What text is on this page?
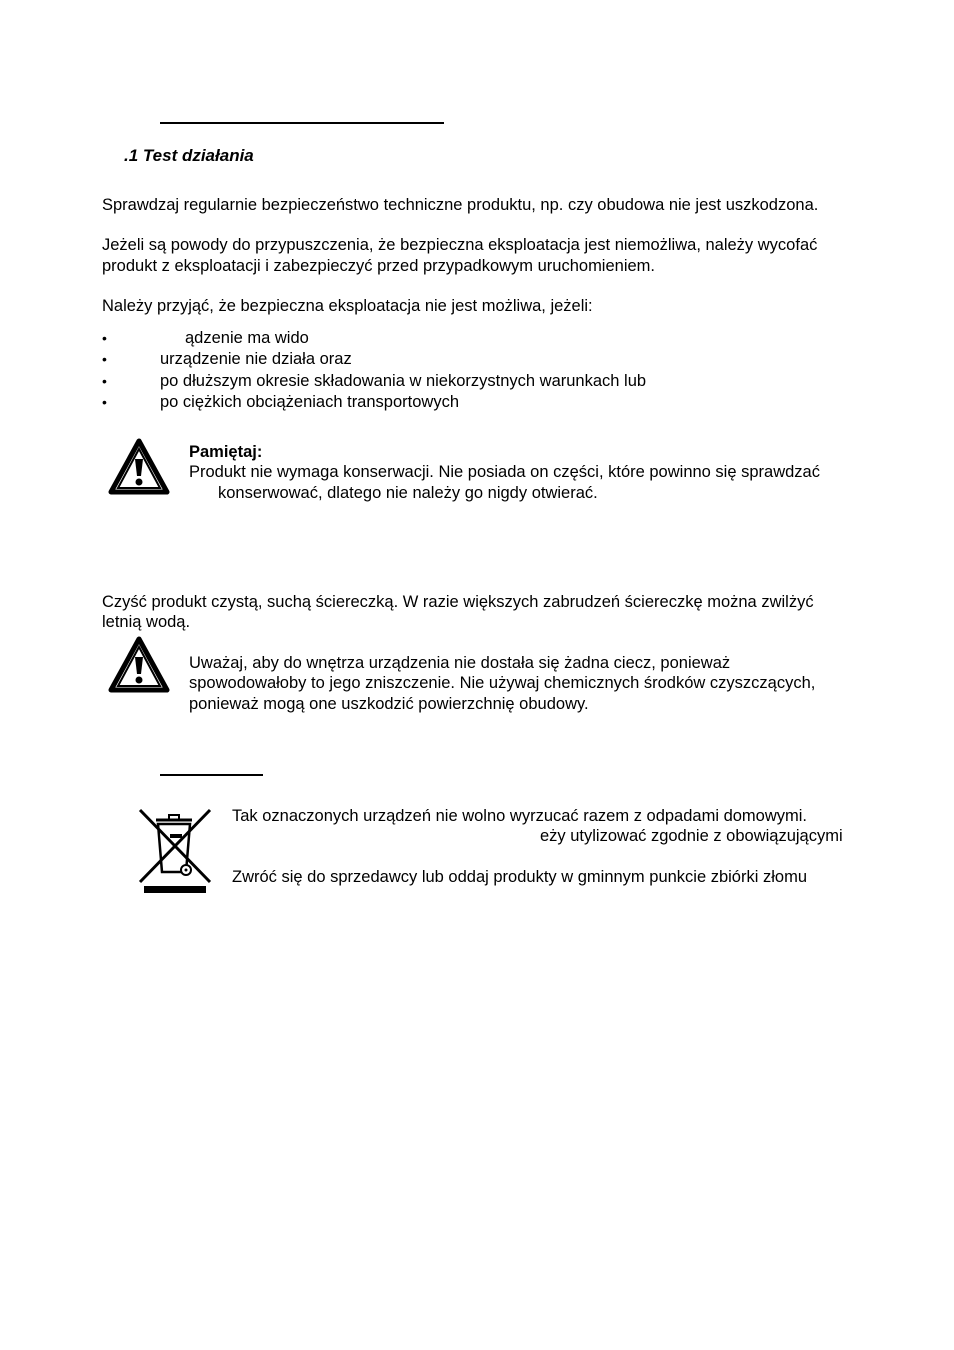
.1 Test działania
Sprawdzaj regularnie bezpieczeństwo techniczne produktu, np. czy obudowa nie jest uszkodzona.
Jeżeli są powody do przypuszczenia, że bezpieczna eksploatacja jest niemożliwa, należy wycofać
produkt z eksploatacji i zabezpieczyć przed przypadkowym uruchomieniem.
Należy przyjąć, że bezpieczna eksploatacja nie jest możliwa, jeżeli:
•	ądzenie ma wido
•	urządzenie nie działa oraz
•	po dłuższym okresie składowania w niekorzystnych warunkach lub
•	po ciężkich obciążeniach transportowych
Pamiętaj:
Produkt nie wymaga konserwacji. Nie posiada on części, które powinno się sprawdzać
konserwować, dlatego nie należy go nigdy otwierać.
Czyść produkt czystą, suchą ściereczką. W razie większych zabrudzeń ściereczkę można zwilżyć
letnią wodą.
Uważaj, aby do wnętrza urządzenia nie dostała się żadna ciecz, ponieważ
spowodowałoby to jego zniszczenie. Nie używaj chemicznych środków czyszczących,
ponieważ mogą one uszkodzić powierzchnię obudowy.
Tak oznaczonych urządzeń nie wolno wyrzucać razem z odpadami domowymi.
eży utylizować zgodnie z obowiązującymi
Zwróć się do sprzedawcy lub oddaj produkty w gminnym punkcie zbiórki złomu
